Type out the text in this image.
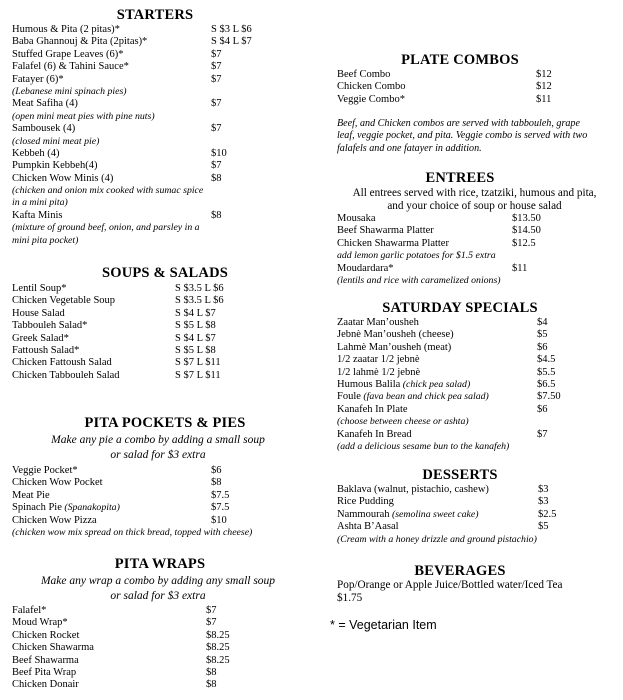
STARTERS
Humous & Pita (2 pitas)*	S $3 L $6
Baba Ghannouj & Pita (2pitas)*	S $4 L $7
Stuffed Grape Leaves (6)*	$7
Falafel (6) & Tahini Sauce*	$7
Fatayer (6)*	$7
(Lebanese mini spinach pies)
Meat Safiha (4)	$7
(open mini meat pies with pine nuts)
Sambousek (4)	$7
(closed mini meat pie)
Kebbeh (4)	$10
Pumpkin Kebbeh(4)	$7
Chicken Wow Minis (4)	$8
(chicken and onion mix cooked with sumac spice
in a mini pita)
Kafta Minis	$8
(mixture of ground beef, onion, and parsley in a
mini pita pocket)
SOUPS & SALADS
Lentil Soup*	S $3.5 L $6
Chicken Vegetable Soup	S $3.5 L $6
House Salad	S $4 L $7
Tabbouleh Salad*	S $5 L $8
Greek Salad*	S $4 L $7
Fattoush Salad*	S $5 L $8
Chicken Fattoush Salad	S $7 L $11
Chicken Tabbouleh Salad	S $7 L $11
PITA POCKETS & PIES
Make any pie a combo by adding a small soup
or salad for $3 extra
Veggie Pocket*	$6
Chicken Wow Pocket	$8
Meat Pie	$7.5
Spinach Pie (Spanakopita)	$7.5
Chicken Wow Pizza	$10
(chicken wow mix spread on thick bread, topped with cheese)
PITA WRAPS
Make any wrap a combo by adding any small soup
or salad for $3 extra
Falafel*	$7
Moud Wrap*	$7
Chicken Rocket	$8.25
Chicken Shawarma	$8.25
Beef Shawarma	$8.25
Beef Pita Wrap	$8
Chicken Donair	$8
PLATE COMBOS
Beef Combo	$12
Chicken Combo	$12
Veggie Combo*	$11
Beef, and Chicken combos are served with tabbouleh, grape
leaf, veggie pocket, and pita. Veggie combo is served with two
falafels and one fatayer in addition.
ENTREES
All entrees served with rice, tzatziki, humous and pita,
and your choice of soup or house salad
Mousaka	$13.50
Beef Shawarma Platter	$14.50
Chicken Shawarma Platter	$12.5
add lemon garlic potatoes for $1.5 extra
Moudardara*	$11
(lentils and rice with caramelized onions)
SATURDAY SPECIALS
Zaatar Man’ousheh	$4
Jebnè Man’ousheh (cheese)	$5
Lahmè Man’ousheh (meat)	$6
1/2 zaatar 1/2 jebnè	$4.5
1/2 lahmè 1/2 jebnè	$5.5
Humous Balila (chick pea salad)	$6.5
Foule (fava bean and chick pea salad)	$7.50
Kanafeh In Plate	$6
(choose between cheese or ashta)
Kanafeh In Bread	$7
(add a delicious sesame bun to the kanafeh)
DESSERTS
Baklava (walnut, pistachio, cashew)	$3
Rice Pudding	$3
Nammourah (semolina sweet cake)	$2.5
Ashta B’Aasal	$5
(Cream with a honey drizzle and ground pistachio)
BEVERAGES
Pop/Orange or Apple Juice/Bottled water/Iced Tea
$1.75
* = Vegetarian Item
